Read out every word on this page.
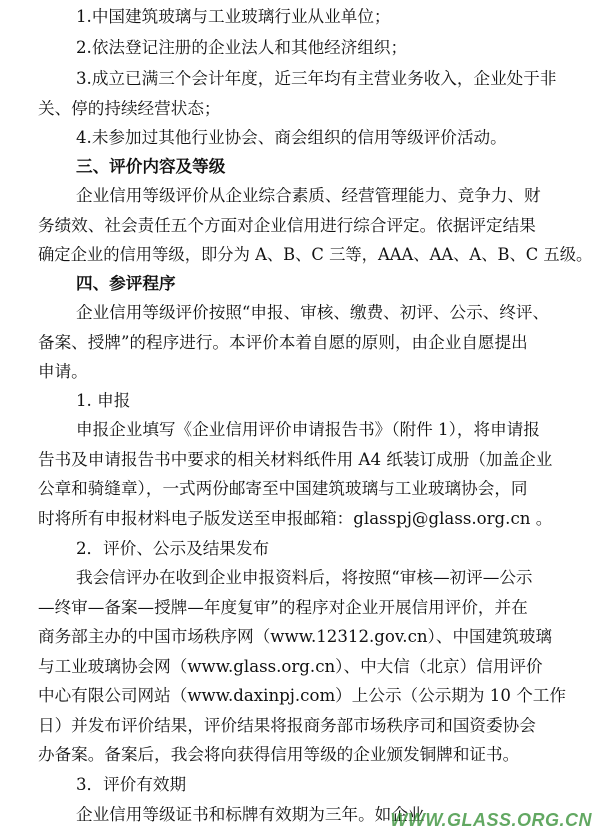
1.中国建筑玻璃与工业玻璃行业从业单位；
2.依法登记注册的企业法人和其他经济组织；
3.成立已满三个会计年度，近三年均有主营业务收入，企业处于非
关、停的持续经营状态；
4.未参加过其他行业协会、商会组织的信用等级评价活动。
三、评价内容及等级
企业信用等级评价从企业综合素质、经营管理能力、竞争力、财
务绩效、社会责任五个方面对企业信用进行综合评定。依据评定结果
确定企业的信用等级，即分为 A、B、C 三等，AAA、AA、A、B、C 五级。
四、参评程序
企业信用等级评价按照“申报、审核、缴费、初评、公示、终评、
备案、授牌”的程序进行。本评价本着自愿的原则，由企业自愿提出
申请。
1. 申报
申报企业填写《企业信用评价申请报告书》（附件 1），将申请报
告书及申请报告书中要求的相关材料纸件用 A4 纸装订成册（加盖企业
公章和骑缝章），一式两份邮寄至中国建筑玻璃与工业玻璃协会，同
时将所有申报材料电子版发送至申报邮箱：glasspj@glass.org.cn 。
2．评价、公示及结果发布
我会信评办在收到企业申报资料后，将按照“审核—初评—公示
—终审—备案—授牌—年度复审”的程序对企业开展信用评价，并在
商务部主办的中国市场秩序网（www.12312.gov.cn）、中国建筑玻璃
与工业玻璃协会网（www.glass.org.cn）、中大信（北京）信用评价
中心有限公司网站（www.daxinpj.com）上公示（公示期为 10 个工作
日）并发布评价结果，评价结果将报商务部市场秩序司和国资委协会
办备案。备案后，我会将向获得信用等级的企业颁发铜牌和证书。
3．评价有效期
企业信用等级证书和标牌有效期为三年。如企业
WWW.GLASS.ORG.CN
